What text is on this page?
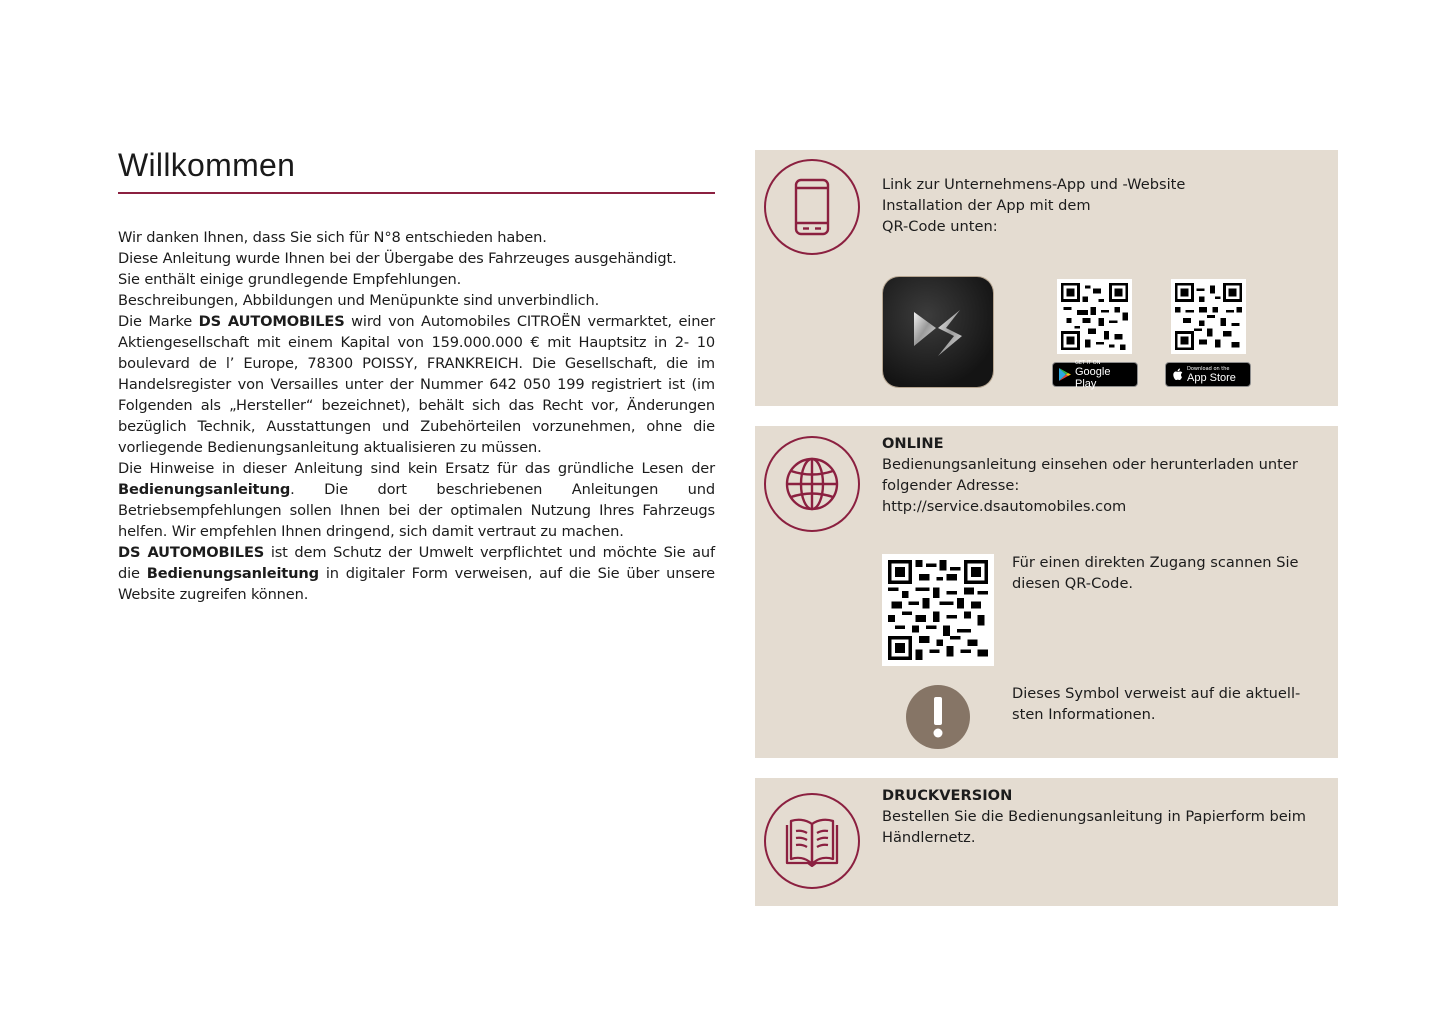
Willkommen

Wir danken Ihnen, dass Sie sich für N°8 entschieden haben.

Diese Anleitung wurde Ihnen bei der Übergabe des Fahrzeuges ausgehändigt.

Sie enthält einige grundlegende Empfehlungen.

Beschreibungen, Abbildungen und Menüpunkte sind unverbindlich.

Die Marke DS AUTOMOBILES wird von Automobiles CITROËN vermarktet, einer Aktiengesellschaft mit einem Kapital von 159.000.000 € mit Hauptsitz in 2- 10 boulevard de l’ Europe, 78300 POISSY, FRANKREICH. Die Gesellschaft, die im Handelsregister von Versailles unter der Nummer 642 050 199 registriert ist (im Folgenden als „Hersteller“ bezeichnet), behält sich das Recht vor, Änderungen bezüglich Technik, Ausstattungen und Zubehörteilen vorzunehmen, ohne die vorliegende Bedienungsanleitung aktualisieren zu müssen.

Die Hinweise in dieser Anleitung sind kein Ersatz für das gründliche Lesen der Bedienungsanleitung. Die dort beschriebenen Anleitungen und Betriebsempfehlungen sollen Ihnen bei der optimalen Nutzung Ihres Fahrzeugs helfen. Wir empfehlen Ihnen dringend, sich damit vertraut zu machen.

DS AUTOMOBILES ist dem Schutz der Umwelt verpflichtet und möchte Sie auf die Bedienungsanleitung in digitaler Form verweisen, auf die Sie über unsere Website zugreifen können.

Link zur Unternehmens-App und -Website
Installation der App mit dem
QR-Code unten:
GET IT ON
Google Play
Download on the
App Store
ONLINE
Bedienungsanleitung einsehen oder herunterladen unter folgender Adresse:
http://service.dsautomobiles.com
Für einen direkten Zugang scannen Sie diesen QR-Code.
Dieses Symbol verweist auf die aktuell-sten Informationen.
DRUCKVERSION
Bestellen Sie die Bedienungsanleitung in Papierform beim Händlernetz.
